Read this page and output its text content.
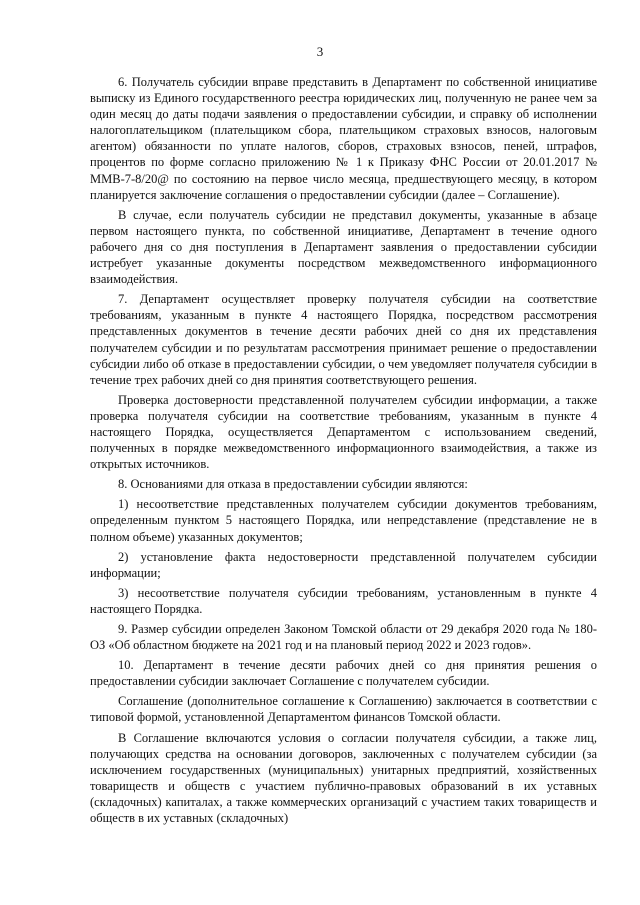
3

6. Получатель субсидии вправе представить в Департамент по собственной инициативе выписку из Единого государственного реестра юридических лиц, полученную не ранее чем за один месяц до даты подачи заявления о предоставлении субсидии, и справку об исполнении налогоплательщиком (плательщиком сбора, плательщиком страховых взносов, налоговым агентом) обязанности по уплате налогов, сборов, страховых взносов, пеней, штрафов, процентов по форме согласно приложению № 1 к Приказу ФНС России от 20.01.2017 № ММВ-7-8/20@ по состоянию на первое число месяца, предшествующего месяцу, в котором планируется заключение соглашения о предоставлении субсидии (далее – Соглашение).

В случае, если получатель субсидии не представил документы, указанные в абзаце первом настоящего пункта, по собственной инициативе, Департамент в течение одного рабочего дня со дня поступления в Департамент заявления о предоставлении субсидии истребует указанные документы посредством межведомственного информационного взаимодействия.

7. Департамент осуществляет проверку получателя субсидии на соответствие требованиям, указанным в пункте 4 настоящего Порядка, посредством рассмотрения представленных документов в течение десяти рабочих дней со дня их представления получателем субсидии и по результатам рассмотрения принимает решение о предоставлении субсидии либо об отказе в предоставлении субсидии, о чем уведомляет получателя субсидии в течение трех рабочих дней со дня принятия соответствующего решения.

Проверка достоверности представленной получателем субсидии информации, а также проверка получателя субсидии на соответствие требованиям, указанным в пункте 4 настоящего Порядка, осуществляется Департаментом с использованием сведений, полученных в порядке межведомственного информационного взаимодействия, а также из открытых источников.

8. Основаниями для отказа в предоставлении субсидии являются:

1) несоответствие представленных получателем субсидии документов требованиям, определенным пунктом 5 настоящего Порядка, или непредставление (представление не в полном объеме) указанных документов;

2) установление факта недостоверности представленной получателем субсидии информации;

3) несоответствие получателя субсидии требованиям, установленным в пункте 4 настоящего Порядка.

9. Размер субсидии определен Законом Томской области от 29 декабря 2020 года № 180-ОЗ «Об областном бюджете на 2021 год и на плановый период 2022 и 2023 годов».

10. Департамент в течение десяти рабочих дней со дня принятия решения о предоставлении субсидии заключает Соглашение с получателем субсидии.

Соглашение (дополнительное соглашение к Соглашению) заключается в соответствии с типовой формой, установленной Департаментом финансов Томской области.

В Соглашение включаются условия о согласии получателя субсидии, а также лиц, получающих средства на основании договоров, заключенных с получателем субсидии (за исключением государственных (муниципальных) унитарных предприятий, хозяйственных товариществ и обществ с участием публично-правовых образований в их уставных (складочных) капиталах, а также коммерческих организаций с участием таких товариществ и обществ в их уставных (складочных)
